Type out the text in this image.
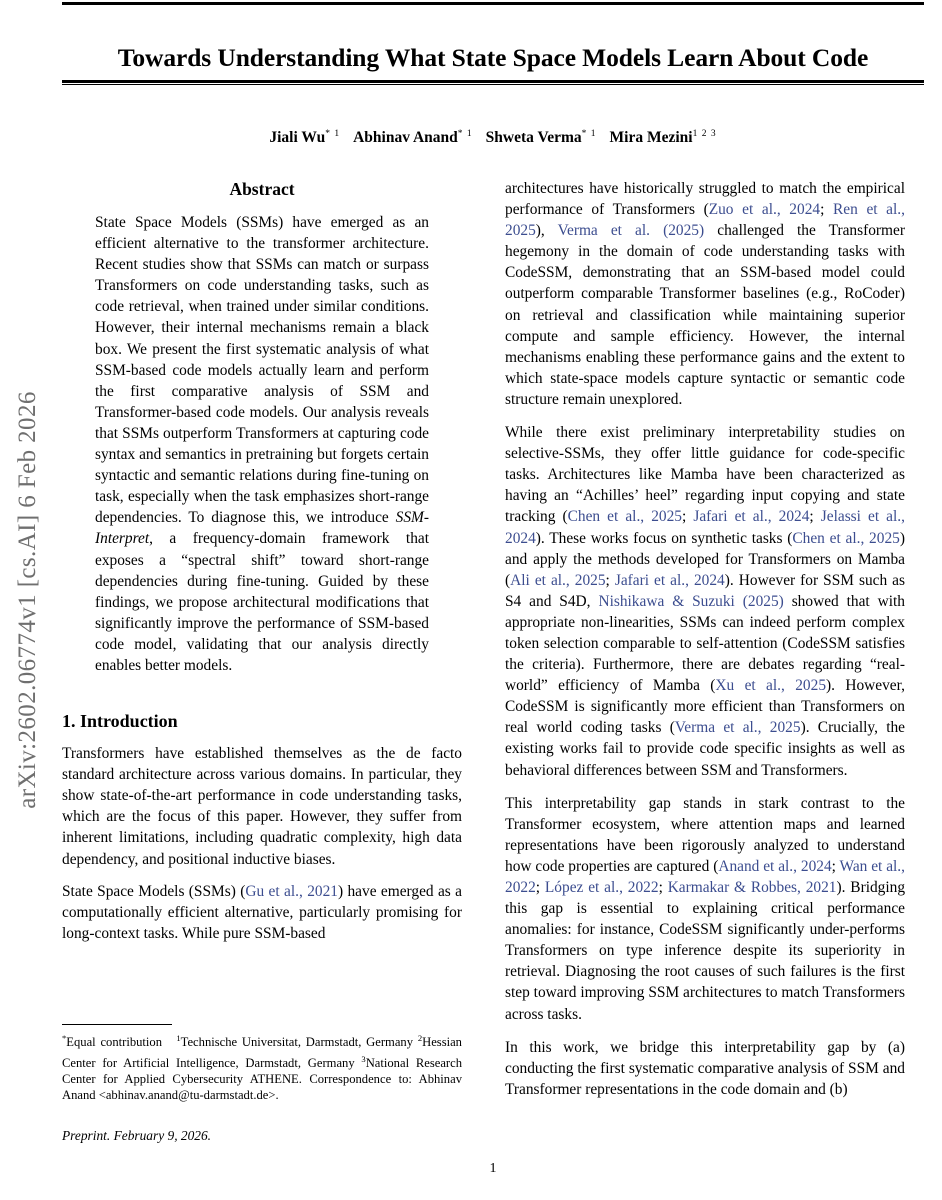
arXiv:2602.06774v1 [cs.AI] 6 Feb 2026
Towards Understanding What State Space Models Learn About Code
Jiali Wu$^{* 1}$ Abhinav Anand$^{* 1}$ Shweta Verma$^{* 1}$ Mira Mezini$^{1 2 3}$
Abstract

State Space Models (SSMs) have emerged as an efficient alternative to the transformer architecture. Recent studies show that SSMs can match or surpass Transformers on code understanding tasks, such as code retrieval, when trained under similar conditions. However, their internal mechanisms remain a black box. We present the first systematic analysis of what SSM-based code models actually learn and perform the first comparative analysis of SSM and Transformer-based code models. Our analysis reveals that SSMs outperform Transformers at capturing code syntax and semantics in pretraining but forgets certain syntactic and semantic relations during fine-tuning on task, especially when the task emphasizes short-range dependencies. To diagnose this, we introduce SSM-Interpret, a frequency-domain framework that exposes a “spectral shift” toward short-range dependencies during fine-tuning. Guided by these findings, we propose architectural modifications that significantly improve the performance of SSM-based code model, validating that our analysis directly enables better models.

1. Introduction

Transformers have established themselves as the de facto standard architecture across various domains. In particular, they show state-of-the-art performance in code understanding tasks, which are the focus of this paper. However, they suffer from inherent limitations, including quadratic complexity, high data dependency, and positional inductive biases.

State Space Models (SSMs) (Gu et al., 2021) have emerged as a computationally efficient alternative, particularly promising for long-context tasks. While pure SSM-based

architectures have historically struggled to match the empirical performance of Transformers (Zuo et al., 2024; Ren et al., 2025), Verma et al. (2025) challenged the Transformer hegemony in the domain of code understanding tasks with CodeSSM, demonstrating that an SSM-based model could outperform comparable Transformer baselines (e.g., RoCoder) on retrieval and classification while maintaining superior compute and sample efficiency. However, the internal mechanisms enabling these performance gains and the extent to which state-space models capture syntactic or semantic code structure remain unexplored.

While there exist preliminary interpretability studies on selective-SSMs, they offer little guidance for code-specific tasks. Architectures like Mamba have been characterized as having an “Achilles’ heel” regarding input copying and state tracking (Chen et al., 2025; Jafari et al., 2024; Jelassi et al., 2024). These works focus on synthetic tasks (Chen et al., 2025) and apply the methods developed for Transformers on Mamba (Ali et al., 2025; Jafari et al., 2024). However for SSM such as S4 and S4D, Nishikawa & Suzuki (2025) showed that with appropriate non-linearities, SSMs can indeed perform complex token selection comparable to self-attention (CodeSSM satisfies the criteria). Furthermore, there are debates regarding “real-world” efficiency of Mamba (Xu et al., 2025). However, CodeSSM is significantly more efficient than Transformers on real world coding tasks (Verma et al., 2025). Crucially, the existing works fail to provide code specific insights as well as behavioral differences between SSM and Transformers.

This interpretability gap stands in stark contrast to the Transformer ecosystem, where attention maps and learned representations have been rigorously analyzed to understand how code properties are captured (Anand et al., 2024; Wan et al., 2022; López et al., 2022; Karmakar & Robbes, 2021). Bridging this gap is essential to explaining critical performance anomalies: for instance, CodeSSM significantly under-performs Transformers on type inference despite its superiority in retrieval. Diagnosing the root causes of such failures is the first step toward improving SSM architectures to match Transformers across tasks.

In this work, we bridge this interpretability gap by (a) conducting the first systematic comparative analysis of SSM and Transformer representations in the code domain and (b)

*Equal contribution $^1$Technische Universitat, Darmstadt, Germany $^2$Hessian Center for Artificial Intelligence, Darmstadt, Germany $^3$National Research Center for Applied Cybersecurity ATHENE. Correspondence to: Abhinav Anand <abhinav.anand@tu-darmstadt.de>.

Preprint. February 9, 2026.

1
